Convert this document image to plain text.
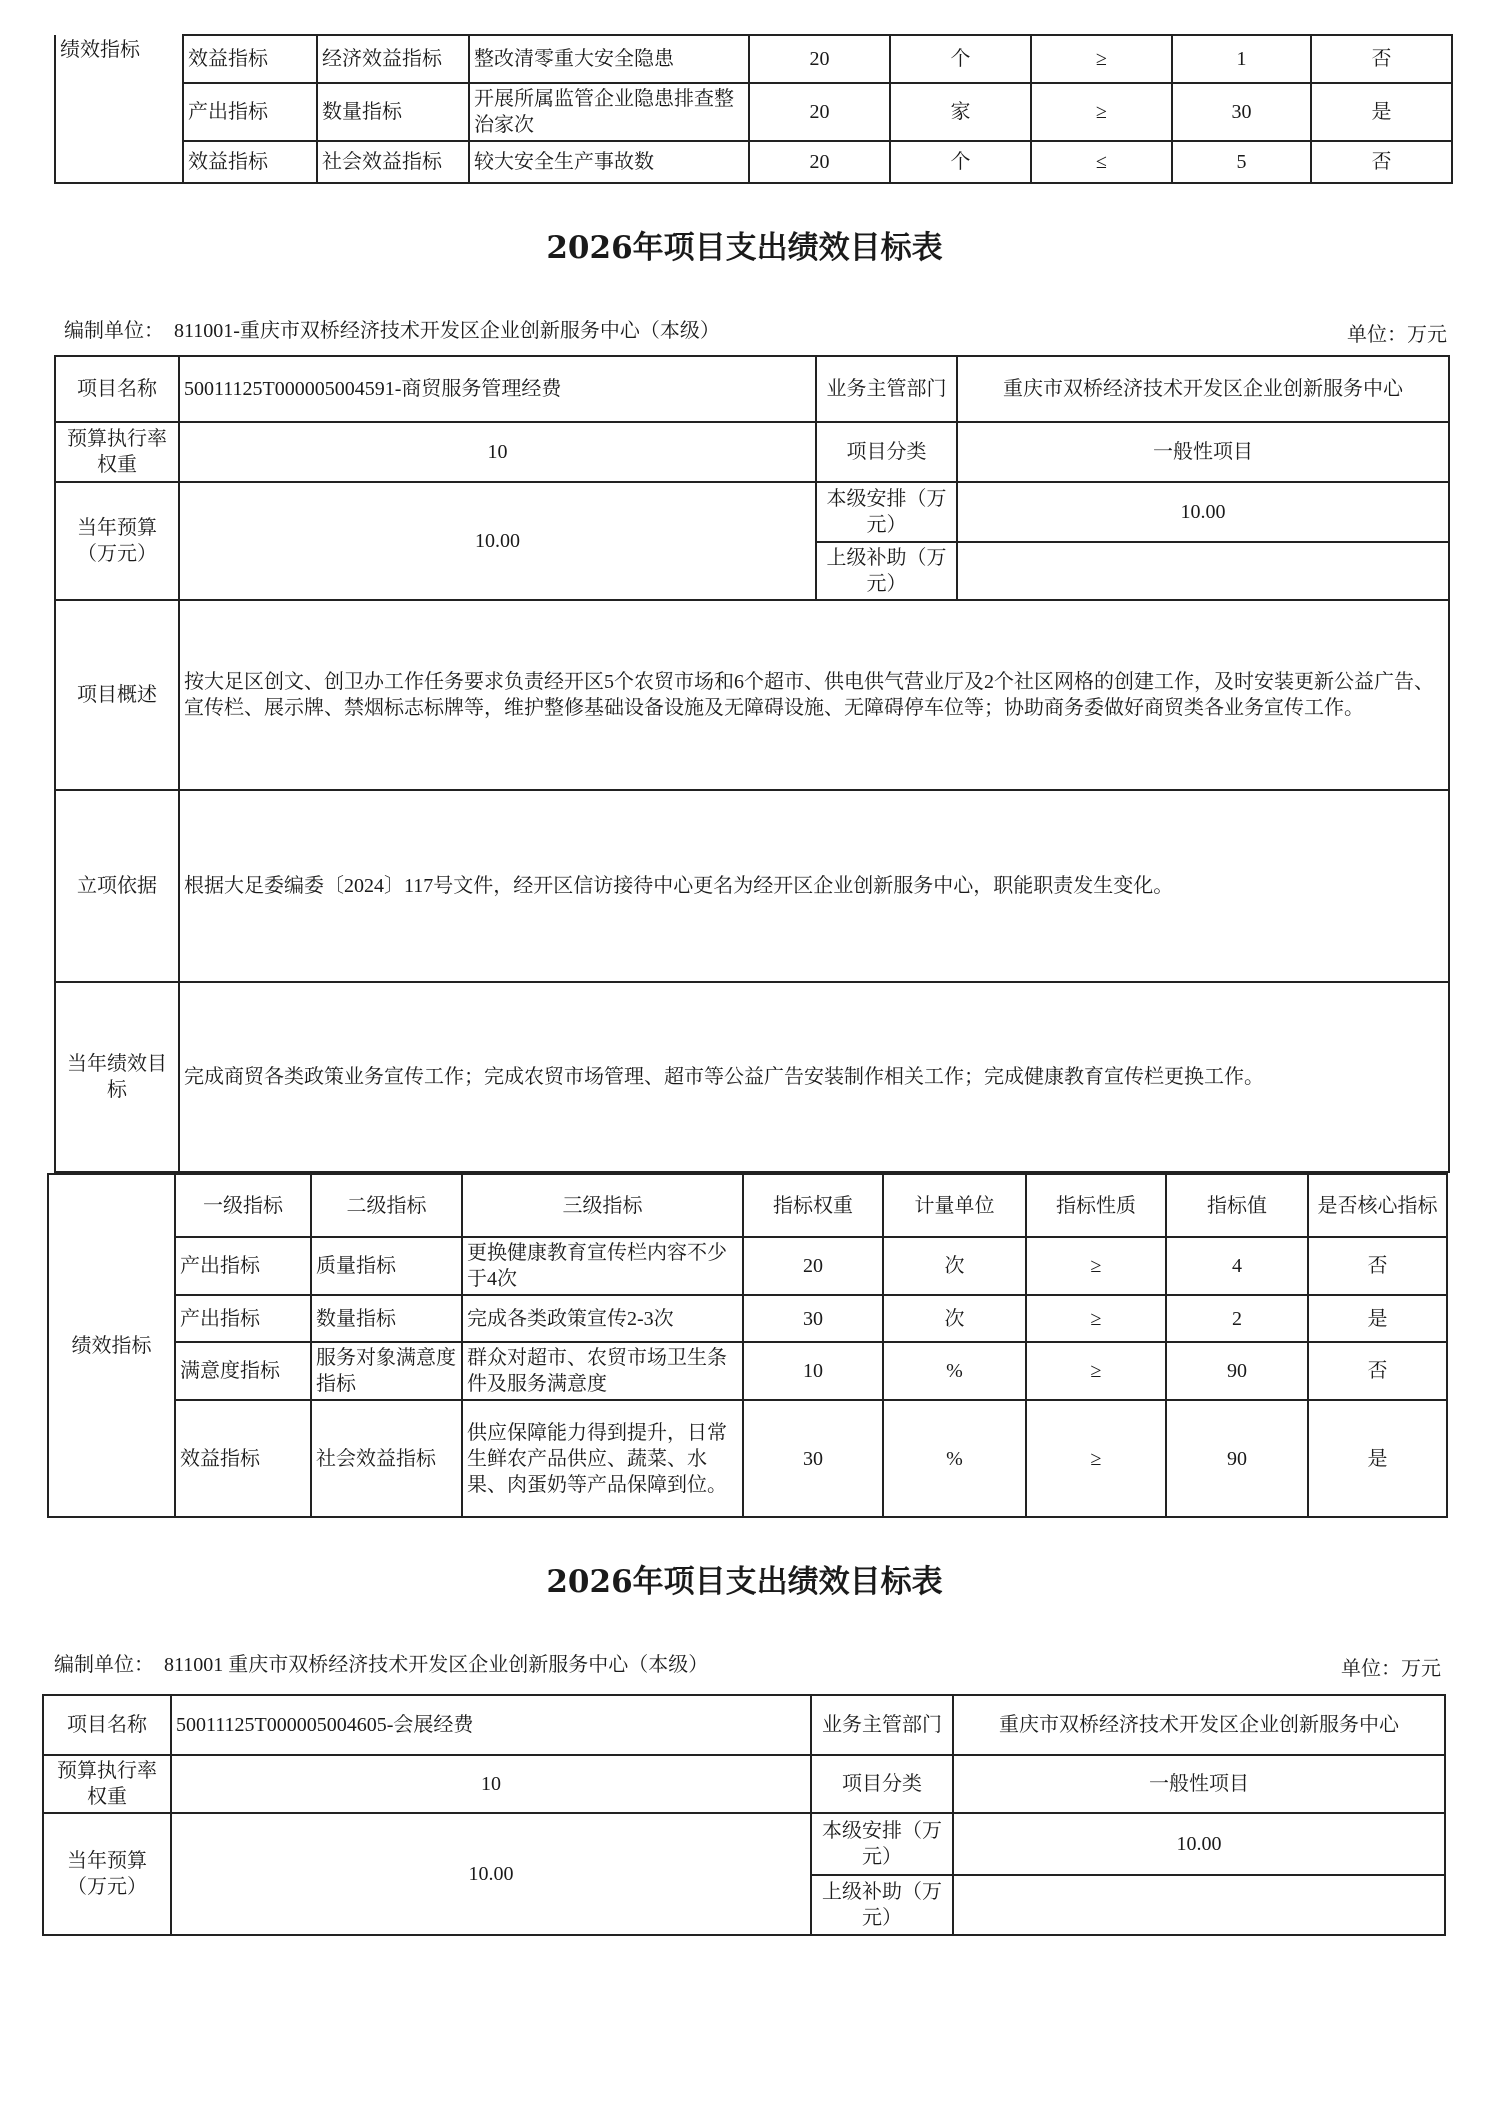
绩效指标	效益指标	经济效益指标	整改清零重大安全隐患	20	个	≥	1	否
	产出指标	数量指标	开展所属监管企业隐患排查整治家次	20	家	≥	30	是
	效益指标	社会效益指标	较大安全生产事故数	20	个	≤	5	否
2026年项目支出绩效目标表
编制单位：　811001-重庆市双桥经济技术开发区企业创新服务中心（本级）	单位：万元
项目名称	50011125T000005004591-商贸服务管理经费	业务主管部门	重庆市双桥经济技术开发区企业创新服务中心
预算执行率权重	10	项目分类	一般性项目
当年预算（万元）	10.00	本级安排（万元）	10.00
		上级补助（万元）	
项目概述	按大足区创文、创卫办工作任务要求负责经开区5个农贸市场和6个超市、供电供气营业厅及2个社区网格的创建工作，及时安装更新公益广告、宣传栏、展示牌、禁烟标志标牌等，维护整修基础设备设施及无障碍设施、无障碍停车位等；协助商务委做好商贸类各业务宣传工作。		
立项依据	根据大足委编委〔2024〕117号文件，经开区信访接待中心更名为经开区企业创新服务中心，职能职责发生变化。		
当年绩效目标	完成商贸各类政策业务宣传工作；完成农贸市场管理、超市等公益广告安装制作相关工作；完成健康教育宣传栏更换工作。		
绩效指标	一级指标	二级指标	三级指标	指标权重	计量单位	指标性质	指标值	是否核心指标
	产出指标	质量指标	更换健康教育宣传栏内容不少于4次	20	次	≥	4	否
	产出指标	数量指标	完成各类政策宣传2-3次	30	次	≥	2	是
	满意度指标	服务对象满意度指标	群众对超市、农贸市场卫生条件及服务满意度	10	%	≥	90	否
	效益指标	社会效益指标	供应保障能力得到提升，日常生鲜农产品供应、蔬菜、水果、肉蛋奶等产品保障到位。	30	%	≥	90	是
2026年项目支出绩效目标表
编制单位：　811001 重庆市双桥经济技术开发区企业创新服务中心（本级）	单位：万元
项目名称	50011125T000005004605-会展经费	业务主管部门	重庆市双桥经济技术开发区企业创新服务中心
预算执行率权重	10	项目分类	一般性项目
当年预算（万元）	10.00	本级安排（万元）	10.00
		上级补助（万元）	
